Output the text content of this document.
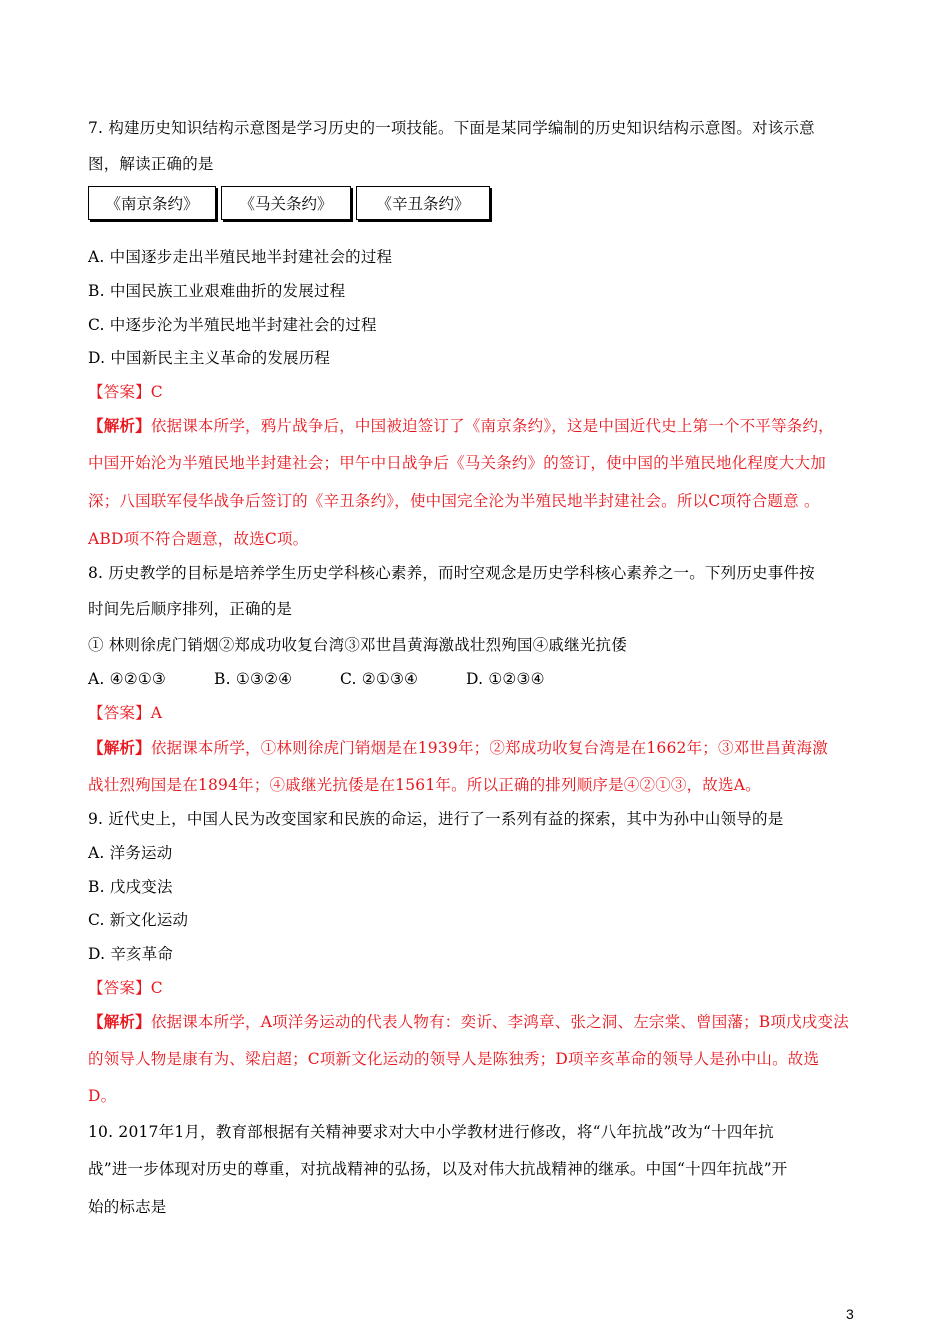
7. 构建历史知识结构示意图是学习历史的一项技能。下面是某同学编制的历史知识结构示意图。对该示意
图，解读正确的是
《南京条约》	《马关条约》	《辛丑条约》
A. 中国逐步走出半殖民地半封建社会的过程
B. 中国民族工业艰难曲折的发展过程
C. 中逐步沦为半殖民地半封建社会的过程
D. 中国新民主主义革命的发展历程
【答案】C
【解析】依据课本所学，鸦片战争后，中国被迫签订了《南京条约》，这是中国近代史上第一个不平等条约，
中国开始沦为半殖民地半封建社会；甲午中日战争后《马关条约》的签订，使中国的半殖民地化程度大大加
深；八国联军侵华战争后签订的《辛丑条约》，使中国完全沦为半殖民地半封建社会。所以C项符合题意 。
ABD项不符合题意，故选C项。
8. 历史教学的目标是培养学生历史学科核心素养，而时空观念是历史学科核心素养之一。下列历史事件按
时间先后顺序排列，正确的是
① 林则徐虎门销烟②郑成功收复台湾③邓世昌黄海激战壮烈殉国④戚继光抗倭
A. ④②①③	B. ①③②④	C. ②①③④	D. ①②③④
【答案】A
【解析】依据课本所学，①林则徐虎门销烟是在1939年；②郑成功收复台湾是在1662年；③邓世昌黄海激
战壮烈殉国是在1894年；④戚继光抗倭是在1561年。所以正确的排列顺序是④②①③，故选A。
9. 近代史上，中国人民为改变国家和民族的命运，进行了一系列有益的探索，其中为孙中山领导的是
A. 洋务运动
B. 戊戌变法
C. 新文化运动
D. 辛亥革命
【答案】C
【解析】依据课本所学，A项洋务运动的代表人物有：奕䜣、李鸿章、张之洞、左宗棠、曾国藩；B项戊戌变法
的领导人物是康有为、梁启超；C项新文化运动的领导人是陈独秀；D项辛亥革命的领导人是孙中山。故选
D。
10. 2017年1月，教育部根据有关精神要求对大中小学教材进行修改，将“八年抗战”改为“十四年抗
战”进一步体现对历史的尊重，对抗战精神的弘扬，以及对伟大抗战精神的继承。中国“十四年抗战”开
始的标志是
3
